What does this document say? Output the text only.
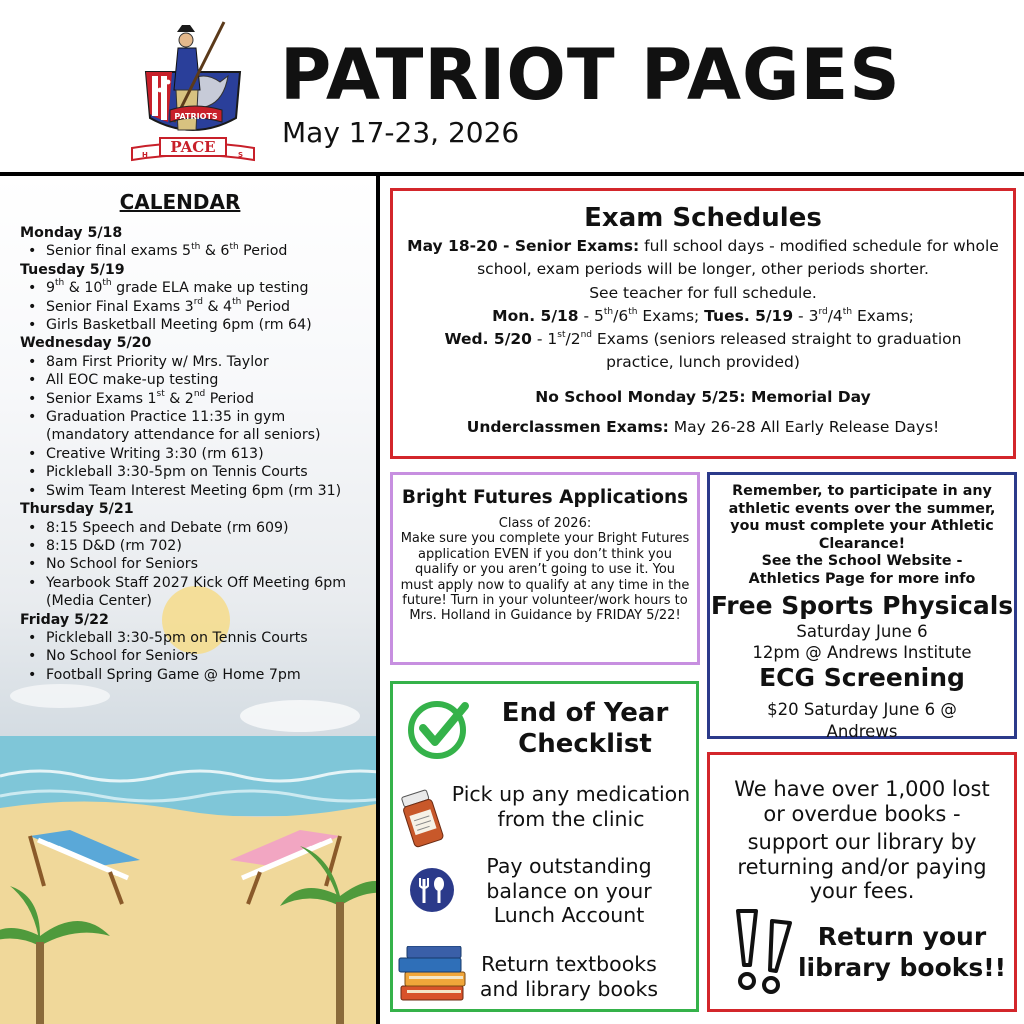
PATRIOTS
H	S
PACE
PATRIOT PAGES
May 17-23, 2026
CALENDAR
Monday 5/18
• Senior final exams 5th & 6th Period
Tuesday 5/19
• 9th & 10th grade ELA make up testing
• Senior Final Exams 3rd & 4th Period
• Girls Basketball Meeting 6pm (rm 64)
Wednesday 5/20
• 8am First Priority w/ Mrs. Taylor
• All EOC make-up testing
• Senior Exams 1st & 2nd Period
• Graduation Practice 11:35 in gym (mandatory attendance for all seniors)
• Creative Writing 3:30 (rm 613)
• Pickleball 3:30-5pm on Tennis Courts
• Swim Team Interest Meeting 6pm (rm 31)
Thursday 5/21
• 8:15 Speech and Debate (rm 609)
• 8:15 D&D (rm 702)
• No School for Seniors
• Yearbook Staff 2027 Kick Off Meeting 6pm (Media Center)
Friday 5/22
• Pickleball 3:30-5pm on Tennis Courts
• No School for Seniors
• Football Spring Game @ Home 7pm
Exam Schedules
May 18-20 - Senior Exams: full school days - modified schedule for whole school, exam periods will be longer, other periods shorter.
See teacher for full schedule.
Mon. 5/18 - 5th/6th Exams; Tues. 5/19 - 3rd/4th Exams;
Wed. 5/20 - 1st/2nd Exams (seniors released straight to graduation practice, lunch provided)
No School Monday 5/25: Memorial Day
Underclassmen Exams: May 26-28 All Early Release Days!
Bright Futures Applications
Class of 2026:
Make sure you complete your Bright Futures application EVEN if you don’t think you qualify or you aren’t going to use it. You must apply now to qualify at any time in the future! Turn in your volunteer/work hours to Mrs. Holland in Guidance by FRIDAY 5/22!
Remember, to participate in any athletic events over the summer, you must complete your Athletic Clearance!
See the School Website - Athletics Page for more info
Free Sports Physicals
Saturday June 6
12pm @ Andrews Institute
ECG Screening
$20 Saturday June 6 @ Andrews
End of Year Checklist
Pick up any medication from the clinic
Pay outstanding balance on your Lunch Account
Return textbooks and library books
We have over 1,000 lost or overdue books -
support our library by returning and/or paying your fees.
Return your library books!!
